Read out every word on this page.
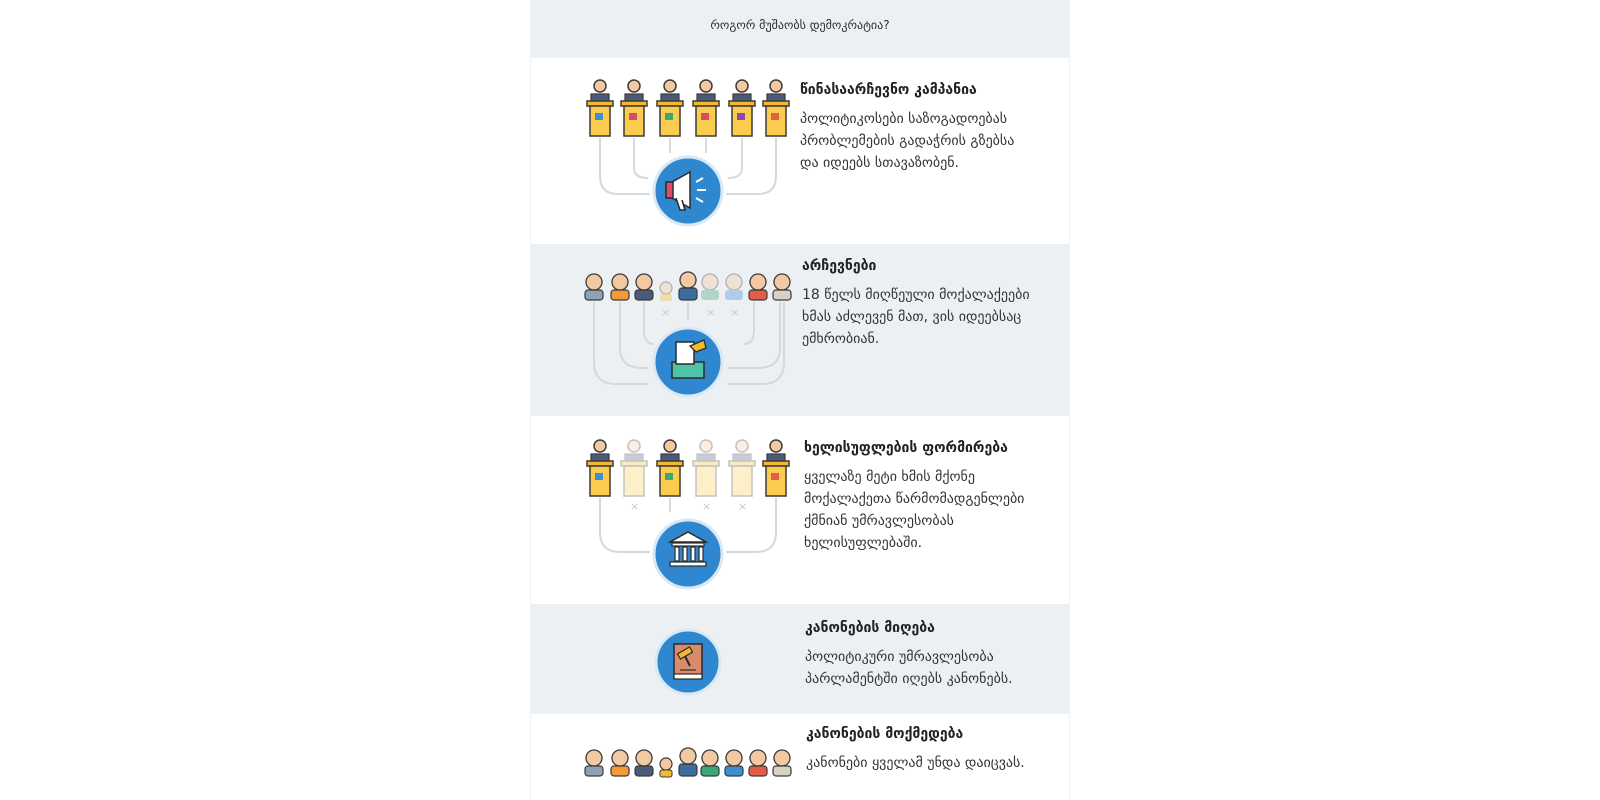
როგორ მუშაობს დემოკრატია?
წინასაარჩევნო კამპანია
პოლიტიკოსები საზოგადოებას პრობლემების გადაჭრის გზებსა და იდეებს სთავაზობენ.
×	× ×
არჩევნები
18 წელს მიღწეული მოქალაქეები ხმას აძლევენ მათ, ვის იდეებსაც ემხრობიან.
×	× ×
ხელისუფლების ფორმირება
ყველაზე მეტი ხმის მქონე მოქალაქეთა წარმომადგენლები ქმნიან უმრავლესობას ხელისუფლებაში.
კანონების მიღება
პოლიტიკური უმრავლესობა პარლამენტში იღებს კანონებს.
კანონების მოქმედება
კანონები ყველამ უნდა დაიცვას.
